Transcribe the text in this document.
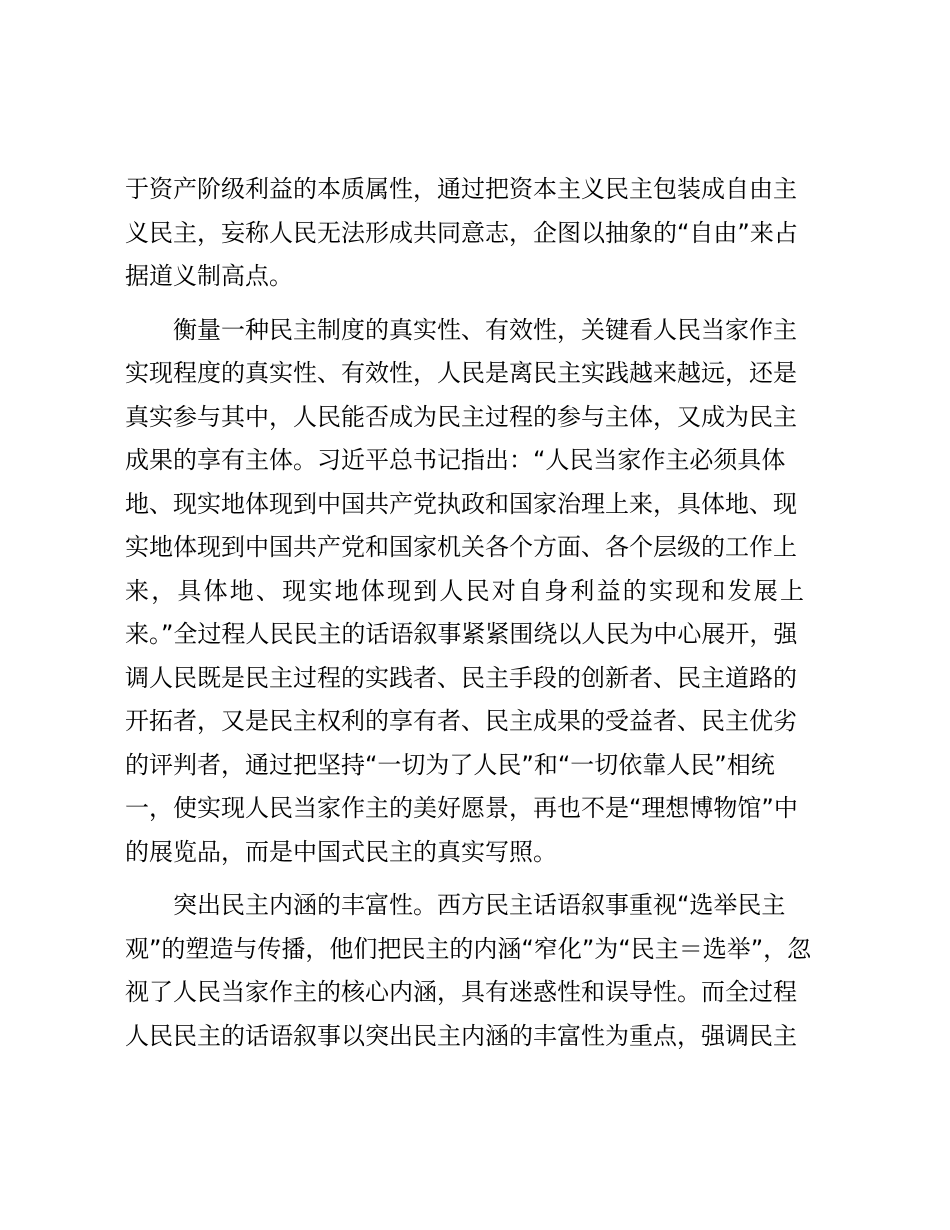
于资产阶级利益的本质属性，通过把资本主义民主包装成自由主
义民主，妄称人民无法形成共同意志，企图以抽象的“自由”来占
据道义制高点。
衡量一种民主制度的真实性、有效性，关键看人民当家作主
实现程度的真实性、有效性，人民是离民主实践越来越远，还是
真实参与其中，人民能否成为民主过程的参与主体，又成为民主
成果的享有主体。习近平总书记指出：“人民当家作主必须具体
地、现实地体现到中国共产党执政和国家治理上来，具体地、现
实地体现到中国共产党和国家机关各个方面、各个层级的工作上
来，具体地、现实地体现到人民对自身利益的实现和发展上
来。”全过程人民民主的话语叙事紧紧围绕以人民为中心展开，强
调人民既是民主过程的实践者、民主手段的创新者、民主道路的
开拓者，又是民主权利的享有者、民主成果的受益者、民主优劣
的评判者，通过把坚持“一切为了人民”和“一切依靠人民”相统
一，使实现人民当家作主的美好愿景，再也不是“理想博物馆”中
的展览品，而是中国式民主的真实写照。
突出民主内涵的丰富性。西方民主话语叙事重视“选举民主
观”的塑造与传播，他们把民主的内涵“窄化”为“民主＝选举”，忽
视了人民当家作主的核心内涵，具有迷惑性和误导性。而全过程
人民民主的话语叙事以突出民主内涵的丰富性为重点，强调民主
